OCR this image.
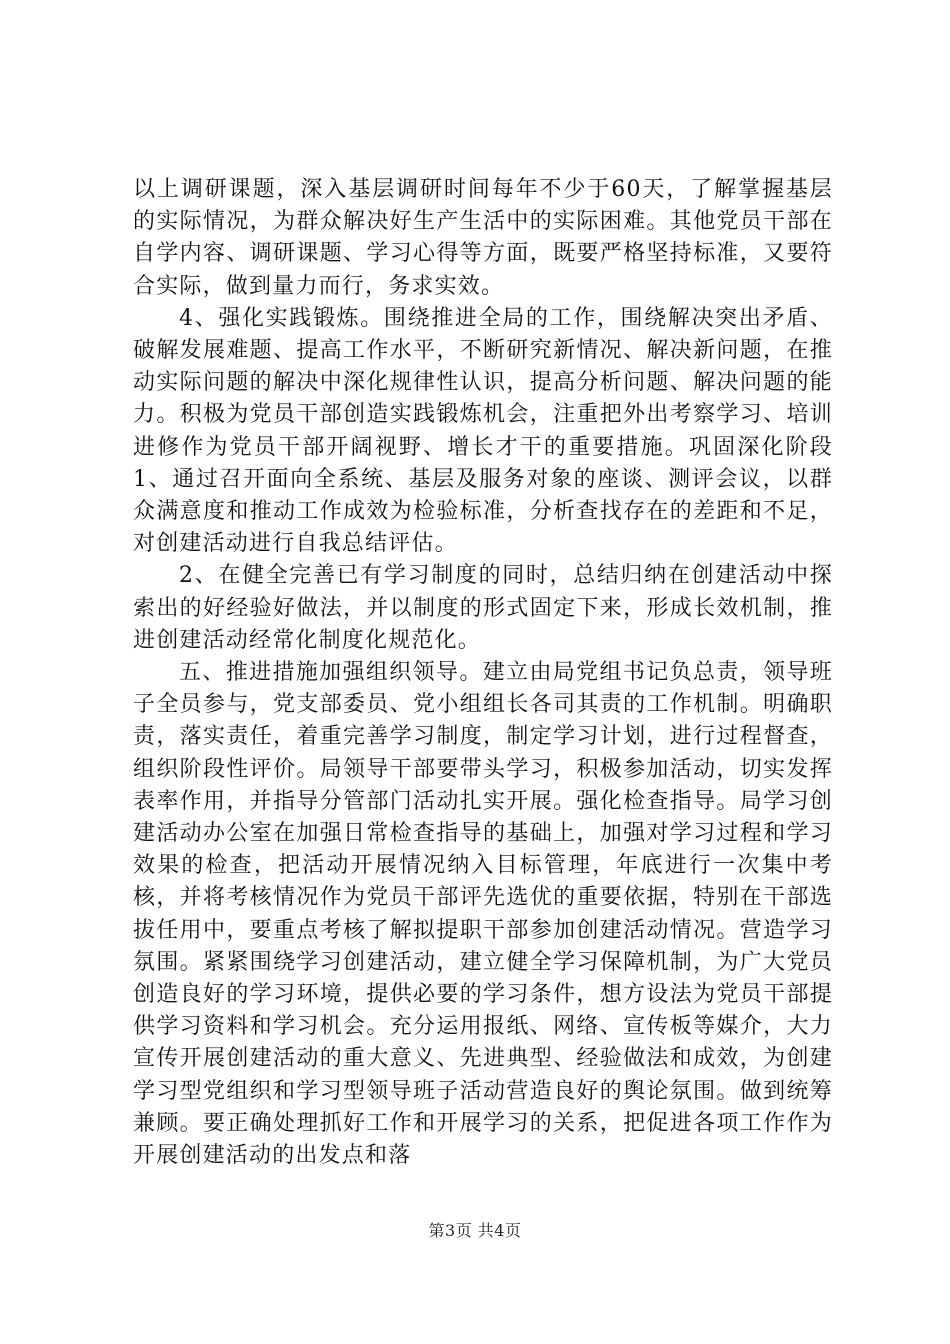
以上调研课题，深入基层调研时间每年不少于60天，了解掌握基层的实际情况，为群众解决好生产生活中的实际困难。其他党员干部在自学内容、调研课题、学习心得等方面，既要严格坚持标准，又要符合实际，做到量力而行，务求实效。

4、强化实践锻炼。围绕推进全局的工作，围绕解决突出矛盾、破解发展难题、提高工作水平，不断研究新情况、解决新问题，在推动实际问题的解决中深化规律性认识，提高分析问题、解决问题的能力。积极为党员干部创造实践锻炼机会，注重把外出考察学习、培训进修作为党员干部开阔视野、增长才干的重要措施。巩固深化阶段1、通过召开面向全系统、基层及服务对象的座谈、测评会议，以群众满意度和推动工作成效为检验标准，分析查找存在的差距和不足，对创建活动进行自我总结评估。

2、在健全完善已有学习制度的同时，总结归纳在创建活动中探索出的好经验好做法，并以制度的形式固定下来，形成长效机制，推进创建活动经常化制度化规范化。

五、推进措施加强组织领导。建立由局党组书记负总责，领导班子全员参与，党支部委员、党小组组长各司其责的工作机制。明确职责，落实责任，着重完善学习制度，制定学习计划，进行过程督查，组织阶段性评价。局领导干部要带头学习，积极参加活动，切实发挥表率作用，并指导分管部门活动扎实开展。强化检查指导。局学习创建活动办公室在加强日常检查指导的基础上，加强对学习过程和学习效果的检查，把活动开展情况纳入目标管理，年底进行一次集中考核，并将考核情况作为党员干部评先选优的重要依据，特别在干部选拔任用中，要重点考核了解拟提职干部参加创建活动情况。营造学习氛围。紧紧围绕学习创建活动，建立健全学习保障机制，为广大党员创造良好的学习环境，提供必要的学习条件，想方设法为党员干部提供学习资料和学习机会。充分运用报纸、网络、宣传板等媒介，大力宣传开展创建活动的重大意义、先进典型、经验做法和成效，为创建学习型党组织和学习型领导班子活动营造良好的舆论氛围。做到统筹兼顾。要正确处理抓好工作和开展学习的关系，把促进各项工作作为开展创建活动的出发点和落

第3页 共4页
